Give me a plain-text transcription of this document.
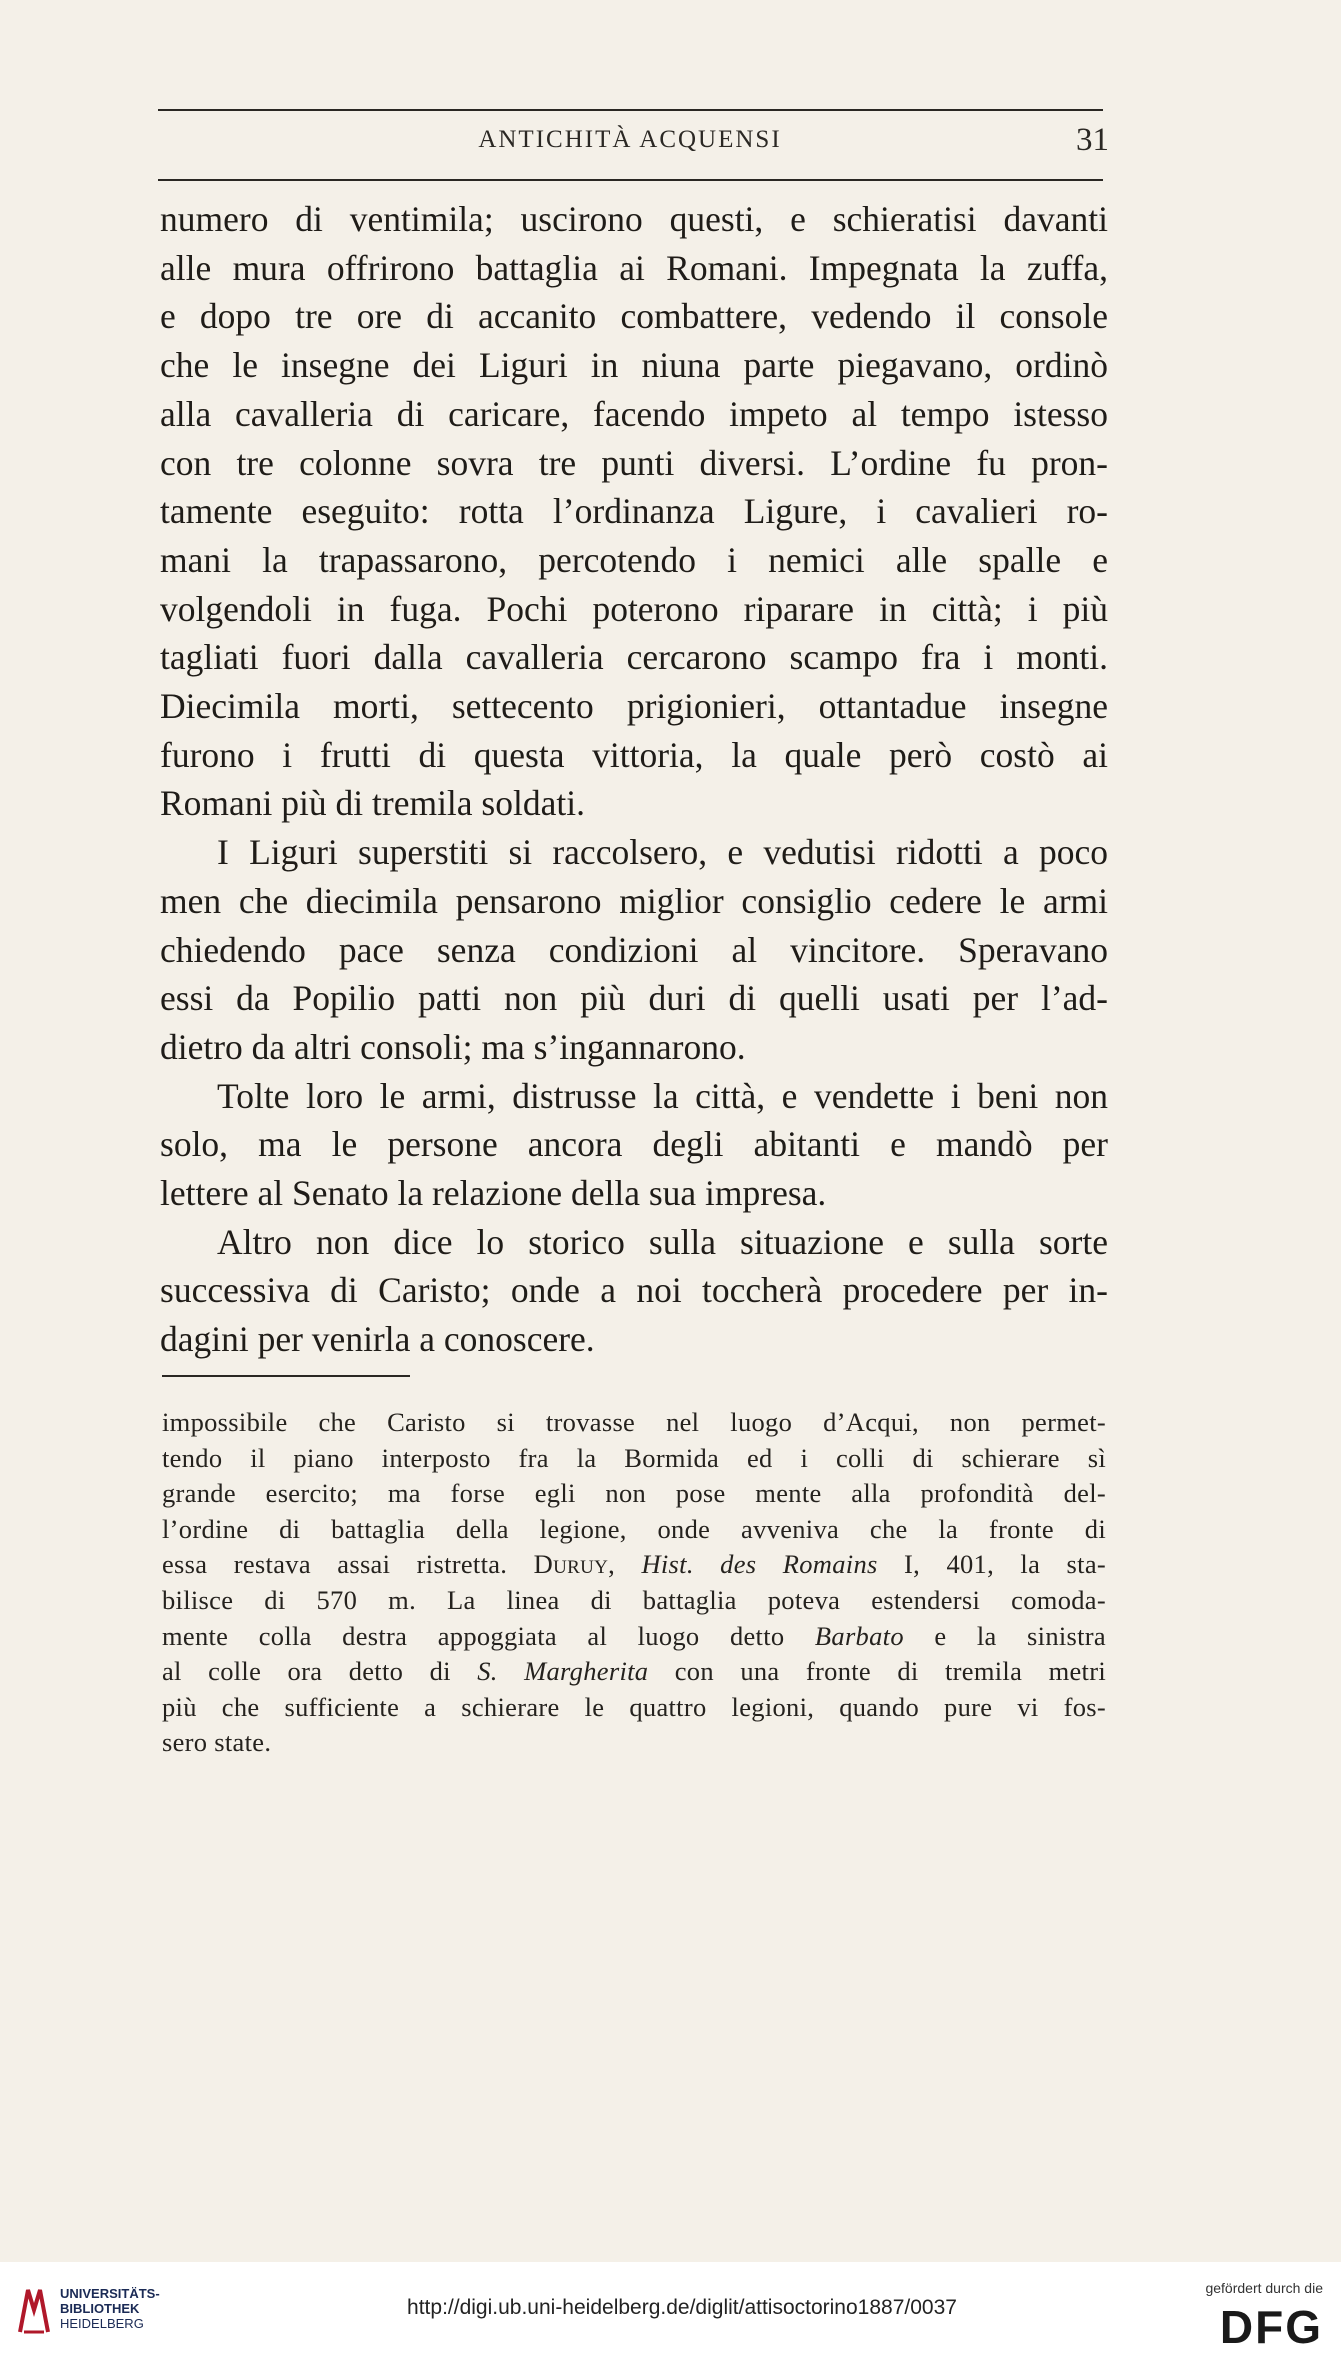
ANTICHITÀ ACQUENSI	31
numero di ventimila; uscirono questi, e schieratisi davanti
alle mura offrirono battaglia ai Romani. Impegnata la zuffa,
e dopo tre ore di accanito combattere, vedendo il console
che le insegne dei Liguri in niuna parte piegavano, ordinò
alla cavalleria di caricare, facendo impeto al tempo istesso
con tre colonne sovra tre punti diversi. L’ordine fu pron-
tamente eseguito: rotta l’ordinanza Ligure, i cavalieri ro-
mani la trapassarono, percotendo i nemici alle spalle e
volgendoli in fuga. Pochi poterono riparare in città; i più
tagliati fuori dalla cavalleria cercarono scampo fra i monti.
Diecimila morti, settecento prigionieri, ottantadue insegne
furono i frutti di questa vittoria, la quale però costò ai
Romani più di tremila soldati.
I Liguri superstiti si raccolsero, e vedutisi ridotti a poco
men che diecimila pensarono miglior consiglio cedere le armi
chiedendo pace senza condizioni al vincitore. Speravano
essi da Popilio patti non più duri di quelli usati per l’ad-
dietro da altri consoli; ma s’ingannarono.
Tolte loro le armi, distrusse la città, e vendette i beni non
solo, ma le persone ancora degli abitanti e mandò per
lettere al Senato la relazione della sua impresa.
Altro non dice lo storico sulla situazione e sulla sorte
successiva di Caristo; onde a noi toccherà procedere per in-
dagini per venirla a conoscere.
impossibile che Caristo si trovasse nel luogo d’Acqui, non permet-
tendo il piano interposto fra la Bormida ed i colli di schierare sì
grande esercito; ma forse egli non pose mente alla profondità del-
l’ordine di battaglia della legione, onde avveniva che la fronte di
essa restava assai ristretta. Duruy, Hist. des Romains I, 401, la sta-
bilisce di 570 m. La linea di battaglia poteva estendersi comoda-
mente colla destra appoggiata al luogo detto Barbato e la sinistra
al colle ora detto di S. Margherita con una fronte di tremila metri
più che sufficiente a schierare le quattro legioni, quando pure vi fos-
sero state.
UNIVERSITÄTS-
BIBLIOTHEK
HEIDELBERG
http://digi.ub.uni-heidelberg.de/diglit/attisoctorino1887/0037
gefördert durch die
DFG
